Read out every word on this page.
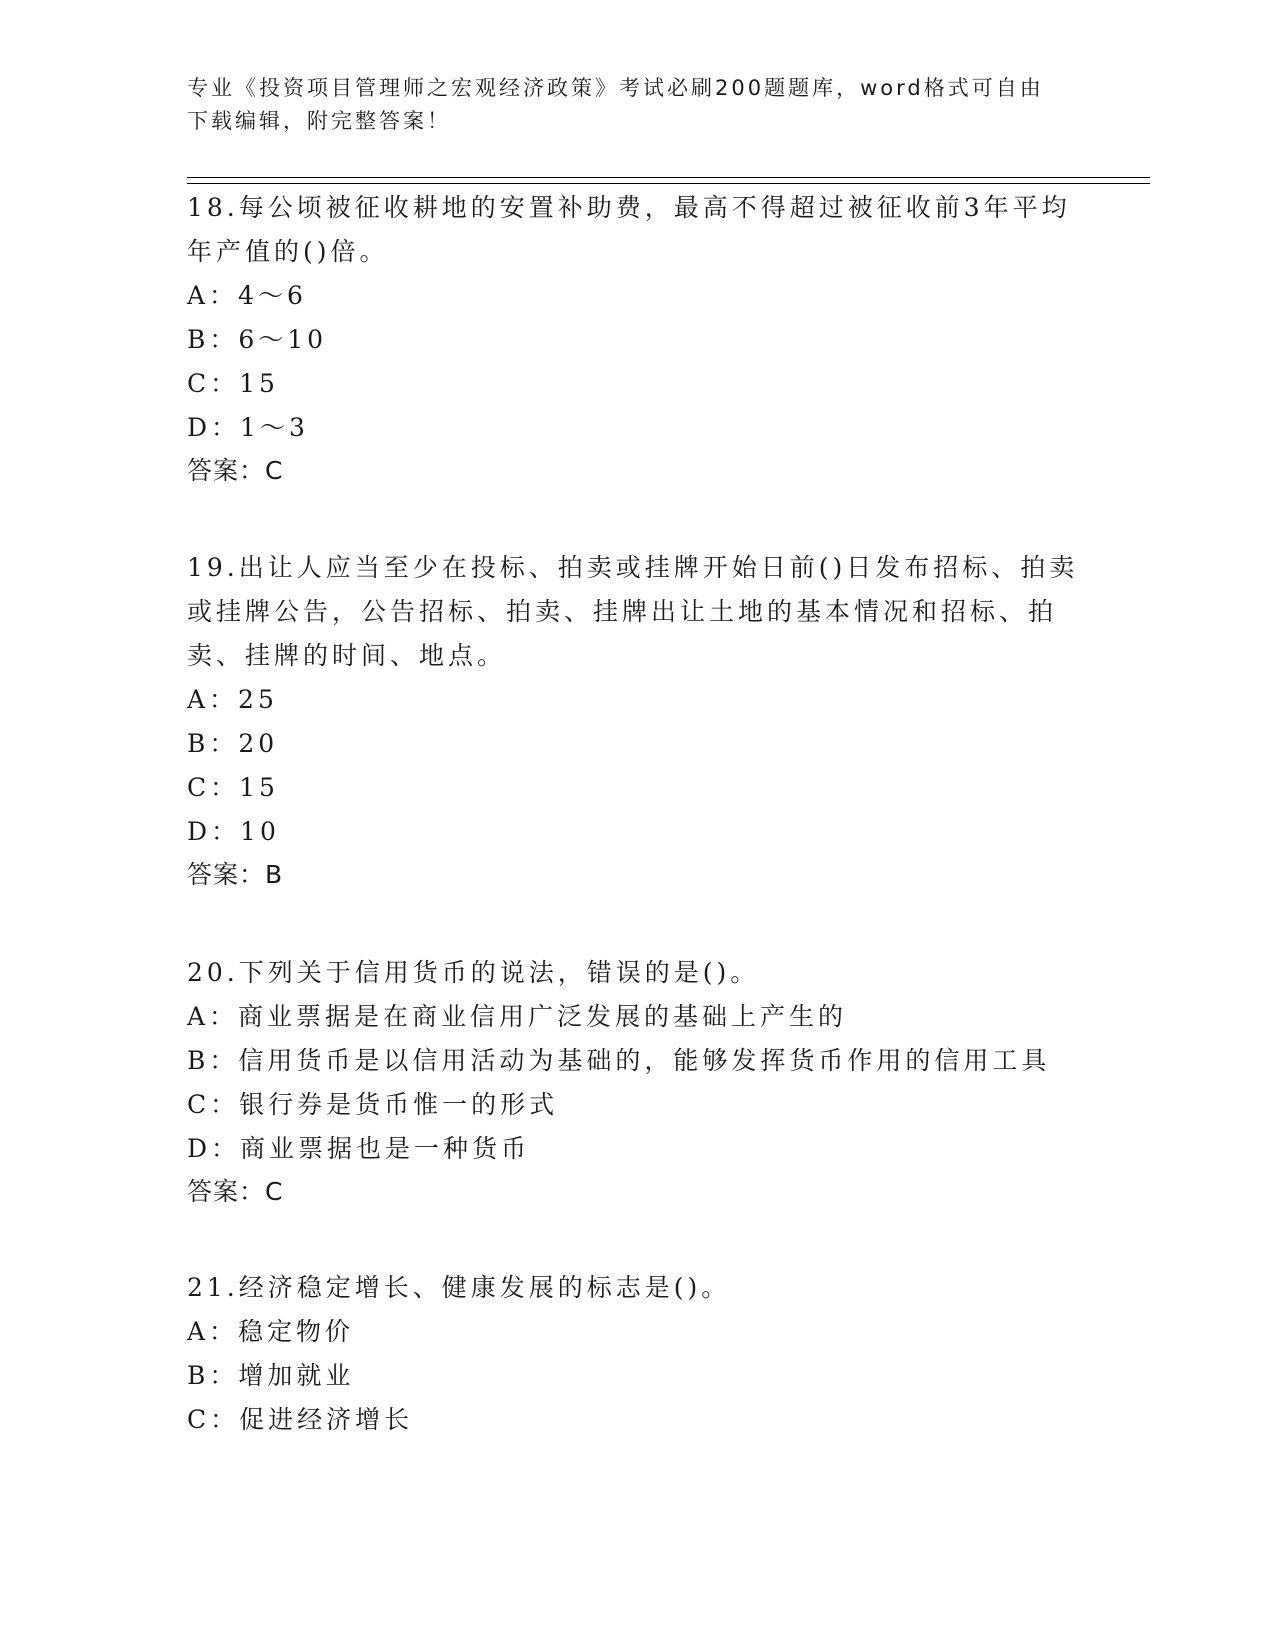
专业《投资项目管理师之宏观经济政策》考试必刷200题题库，word格式可自由
下载编辑，附完整答案！
18.每公顷被征收耕地的安置补助费，最高不得超过被征收前3年平均
年产值的()倍。
A：4～6
B：6～10
C：15
D：1～3
答案：C
19.出让人应当至少在投标、拍卖或挂牌开始日前()日发布招标、拍卖
或挂牌公告，公告招标、拍卖、挂牌出让土地的基本情况和招标、拍
卖、挂牌的时间、地点。
A：25
B：20
C：15
D：10
答案：B
20.下列关于信用货币的说法，错误的是()。
A：商业票据是在商业信用广泛发展的基础上产生的
B：信用货币是以信用活动为基础的，能够发挥货币作用的信用工具
C：银行券是货币惟一的形式
D：商业票据也是一种货币
答案：C
21.经济稳定增长、健康发展的标志是()。
A：稳定物价
B：增加就业
C：促进经济增长
